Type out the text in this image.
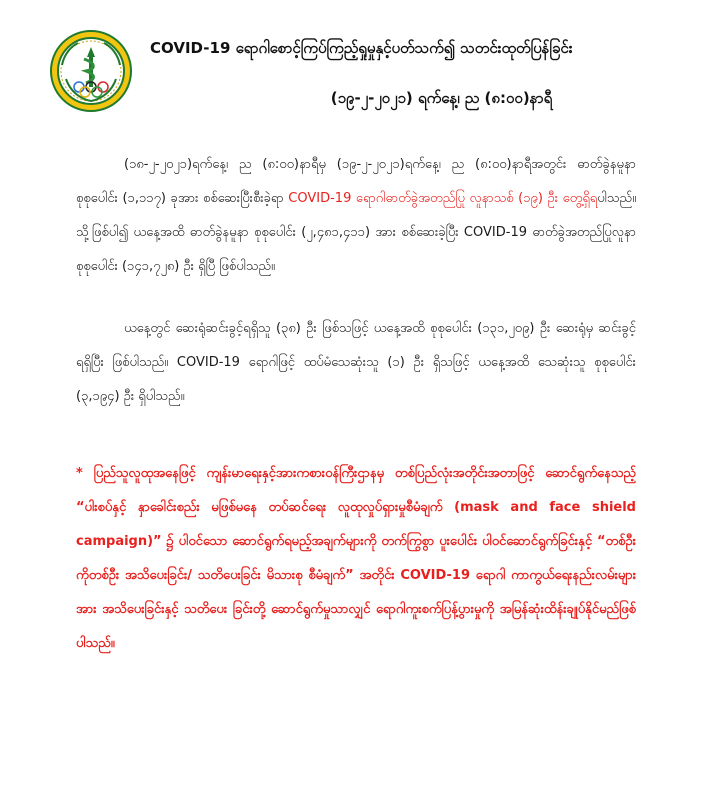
COVID-19 ရောဂါစောင့်ကြပ်ကြည့်ရှုမှုနှင့်ပတ်သက်၍ သတင်းထုတ်ပြန်ခြင်း
(၁၉-၂-၂၀၂၁) ရက်နေ့၊ ည (၈:၀၀)နာရီ
(၁၈-၂-၂၀၂၁)ရက်နေ့၊ ည (၈:၀၀)နာရီမှ (၁၉-၂-၂၀၂၁)ရက်နေ့၊ ည (၈:၀၀)နာရီအတွင်း ဓာတ်ခွဲနမူနာစုစုပေါင်း (၁,၁၁၇) ခုအား စစ်ဆေးပြီးစီးခဲ့ရာ COVID-19 ရောဂါဓာတ်ခွဲအတည်ပြု လူနာသစ် (၁၉) ဦး တွေ့ရှိရပါသည်။ သို့ဖြစ်ပါ၍ ယနေ့အထိ ဓာတ်ခွဲနမူနာ စုစုပေါင်း (၂,၄၈၁,၄၁၁) အား စစ်ဆေးခဲ့ပြီး COVID-19 ဓာတ်ခွဲအတည်ပြုလူနာ စုစုပေါင်း (၁၄၁,၇၂၈) ဦး ရှိပြီ ဖြစ်ပါသည်။
ယနေ့တွင် ဆေးရုံဆင်းခွင့်ရရှိသူ (၃၈) ဦး ဖြစ်သဖြင့် ယနေ့အထိ စုစုပေါင်း (၁၃၁,၂၀၉) ဦး ဆေးရုံမှ ဆင်းခွင့် ရရှိပြီး ဖြစ်ပါသည်။ COVID-19 ရောဂါဖြင့် ထပ်မံသေဆုံးသူ (၁) ဦး ရှိသဖြင့် ယနေ့အထိ သေဆုံးသူ စုစုပေါင်း (၃,၁၉၄) ဦး ရှိပါသည်။
* ပြည်သူလူထုအနေဖြင့် ကျန်းမာရေးနှင့်အားကစားဝန်ကြီးဌာနမှ တစ်ပြည်လုံးအတိုင်းအတာဖြင့် ဆောင်ရွက်နေသည့် “ပါးစပ်နှင့် နှာခေါင်းစည်း မဖြစ်မနေ တပ်ဆင်ရေး လူထုလှုပ်ရှားမှုစီမံချက် (mask and face shield campaign)” ၌ ပါဝင်သော ဆောင်ရွက်ရမည့်အချက်များကို တက်ကြွစွာ ပူးပေါင်း ပါဝင်ဆောင်ရွက်ခြင်းနှင့် “တစ်ဦးကိုတစ်ဦး အသိပေးခြင်း/ သတိပေးခြင်း မိသားစု စီမံချက်” အတိုင်း COVID-19 ရောဂါ ကာကွယ်ရေးနည်းလမ်းများအား အသိပေးခြင်းနှင့် သတိပေး ခြင်းတို့ ဆောင်ရွက်မှုသာလျှင် ရောဂါကူးစက်ပြန့်ပွားမှုကို အမြန်ဆုံးထိန်းချုပ်နိုင်မည်ဖြစ်ပါသည်။
